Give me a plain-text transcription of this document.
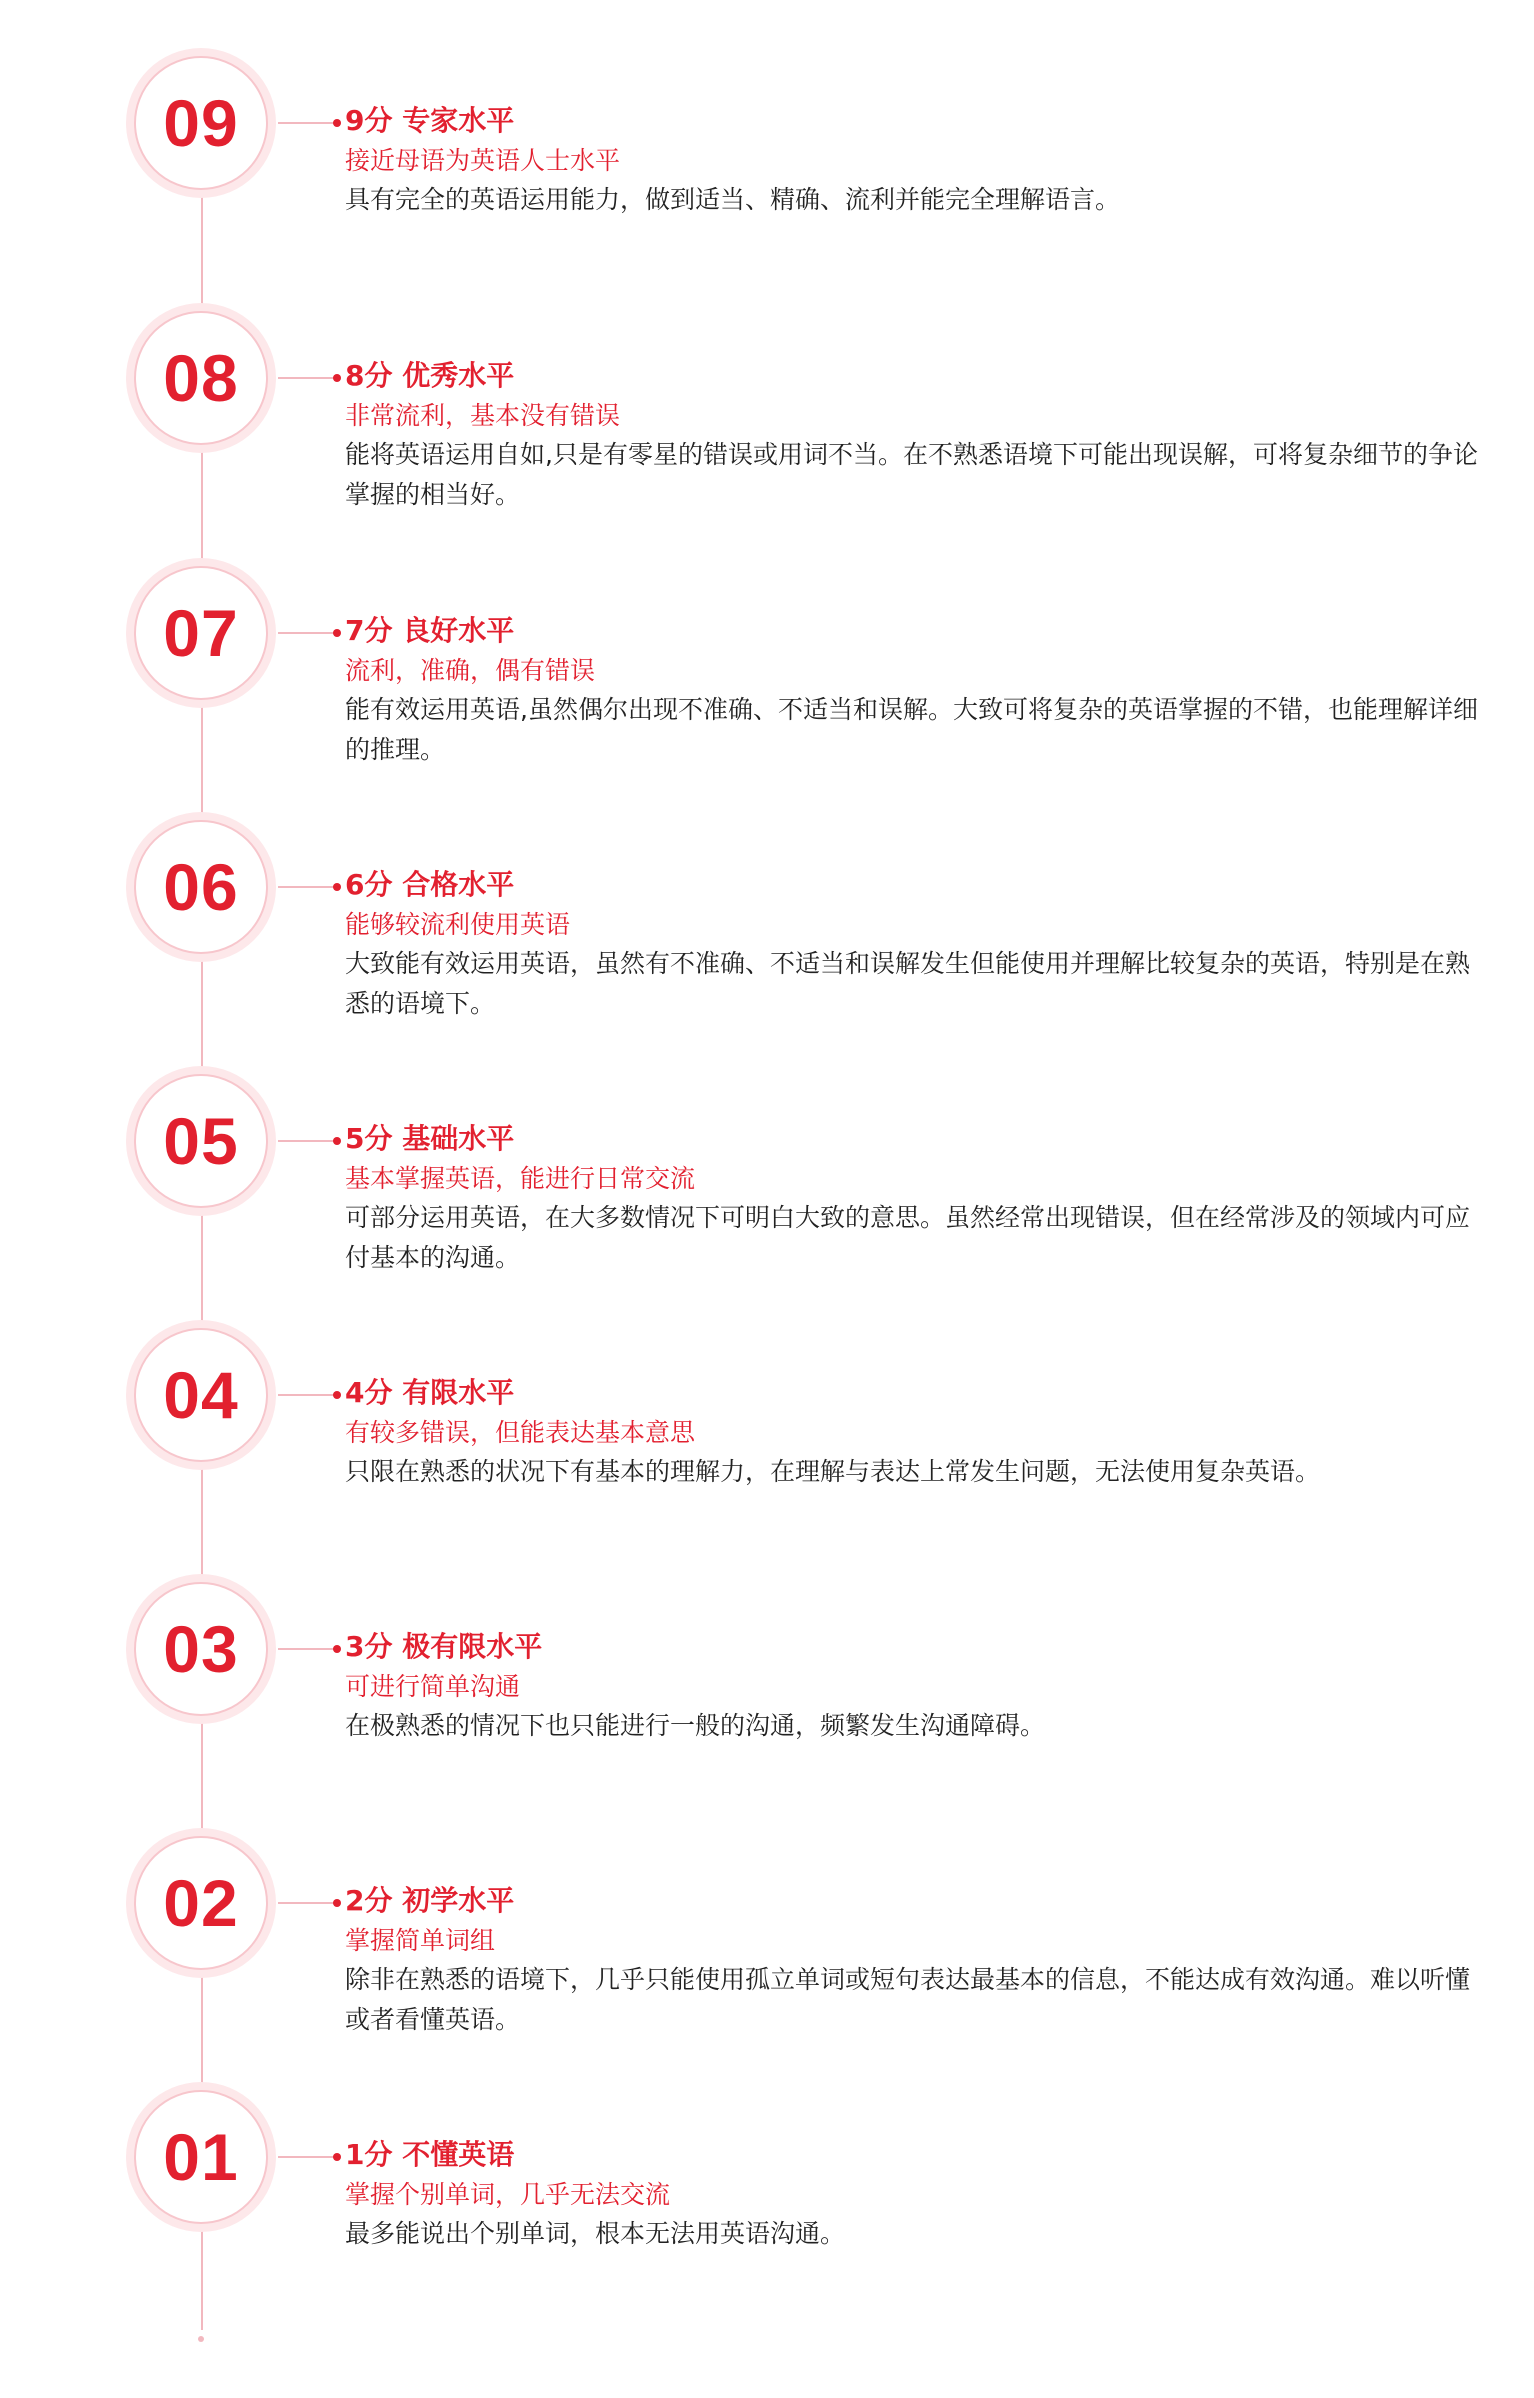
09	9分 专家水平
接近母语为英语人士水平
具有完全的英语运用能力，做到适当、精确、流利并能完全理解语言。
08	8分 优秀水平
非常流利，基本没有错误
能将英语运用自如,只是有零星的错误或用词不当。在不熟悉语境下可能出现误解，可将复杂细节的争论掌握的相当好。
07	7分 良好水平
流利，准确，偶有错误
能有效运用英语,虽然偶尔出现不准确、不适当和误解。大致可将复杂的英语掌握的不错，也能理解详细的推理。
06	6分 合格水平
能够较流利使用英语
大致能有效运用英语，虽然有不准确、不适当和误解发生但能使用并理解比较复杂的英语，特别是在熟悉的语境下。
05	5分 基础水平
基本掌握英语，能进行日常交流
可部分运用英语，在大多数情况下可明白大致的意思。虽然经常出现错误，但在经常涉及的领域内可应付基本的沟通。
04	4分 有限水平
有较多错误，但能表达基本意思
只限在熟悉的状况下有基本的理解力，在理解与表达上常发生问题，无法使用复杂英语。
03	3分 极有限水平
可进行简单沟通
在极熟悉的情况下也只能进行一般的沟通，频繁发生沟通障碍。
02	2分 初学水平
掌握简单词组
除非在熟悉的语境下，几乎只能使用孤立单词或短句表达最基本的信息，不能达成有效沟通。难以听懂或者看懂英语。
01	1分 不懂英语
掌握个别单词，几乎无法交流
最多能说出个别单词，根本无法用英语沟通。
